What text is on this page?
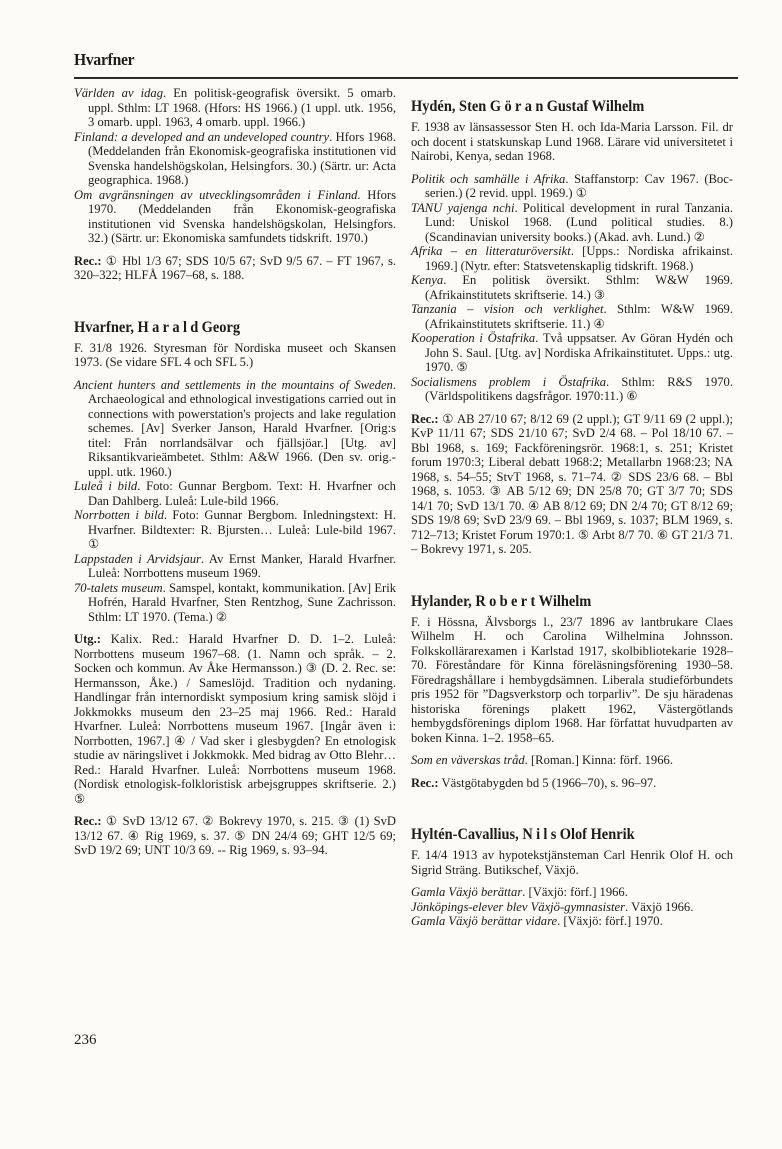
Hvarfner

Världen av idag. En politisk-geografisk översikt. 5 omarb. uppl. Sthlm: LT 1968. (Hfors: HS 1966.) (1 uppl. utk. 1956, 3 omarb. uppl. 1963, 4 omarb. uppl. 1966.)

Finland: a developed and an undeveloped country. Hfors 1968. (Meddelanden från Ekonomisk-geografiska institutionen vid Svenska handelshögskolan, Helsingfors. 30.) (Särtr. ur: Acta geographica. 1968.)

Om avgränsningen av utvecklingsområden i Finland. Hfors 1970. (Meddelanden från Ekonomisk-geografiska institutionen vid Svenska handelshögskolan, Helsingfors. 32.) (Särtr. ur: Ekonomiska samfundets tidskrift. 1970.)

Rec.: ① Hbl 1/3 67; SDS 10/5 67; SvD 9/5 67. – FT 1967, s. 320–322; HLFÅ 1967–68, s. 188.

Hvarfner, HaraldGeorg

F. 31/8 1926. Styresman för Nordiska museet och Skansen 1973. (Se vidare SFL 4 och SFL 5.)

Ancient hunters and settlements in the mountains of Sweden. Archaeological and ethnological investigations carried out in connections with powerstation's projects and lake regulation schemes. [Av] Sverker Janson, Harald Hvarfner. [Orig:s titel: Från norrlandsälvar och fjällsjöar.] [Utg. av] Riksantikvarieämbetet. Sthlm: A&W 1966. (Den sv. orig.-uppl. utk. 1960.)

Luleå i bild. Foto: Gunnar Bergbom. Text: H. Hvarfner och Dan Dahlberg. Luleå: Lule-bild 1966.

Norrbotten i bild. Foto: Gunnar Bergbom. Inledningstext: H. Hvarfner. Bildtexter: R. Bjursten… Luleå: Lule-bild 1967. ①

Lappstaden i Arvidsjaur. Av Ernst Manker, Harald Hvarfner. Luleå: Norrbottens museum 1969.

70-talets museum. Samspel, kontakt, kommunikation. [Av] Erik Hofrén, Harald Hvarfner, Sten Rentzhog, Sune Zachrisson. Sthlm: LT 1970. (Tema.) ②

Utg.: Kalix. Red.: Harald Hvarfner D. D. 1–2. Luleå: Norrbottens museum 1967–68. (1. Namn och språk. – 2. Socken och kommun. Av Åke Hermansson.) ③ (D. 2. Rec. se: Hermansson, Åke.) / Sameslöjd. Tradition och nydaning. Handlingar från internordiskt symposium kring samisk slöjd i Jokkmokks museum den 23–25 maj 1966. Red.: Harald Hvarfner. Luleå: Norrbottens museum 1967. [Ingår även i: Norrbotten, 1967.] ④ / Vad sker i glesbygden? En etnologisk studie av näringslivet i Jokkmokk. Med bidrag av Otto Blehr… Red.: Harald Hvarfner. Luleå: Norrbottens museum 1968. (Nordisk etnologisk-folkloristisk arbejsgruppes skriftserie. 2.) ⑤

Rec.: ① SvD 13/12 67. ② Bokrevy 1970, s. 215. ③ (1) SvD 13/12 67. ④ Rig 1969, s. 37. ⑤ DN 24/4 69; GHT 12/5 69; SvD 19/2 69; UNT 10/3 69. -- Rig 1969, s. 93–94.

Hydén, Sten GöranGustaf Wilhelm

F. 1938 av länsassessor Sten H. och Ida-Maria Larsson. Fil. dr och docent i statskunskap Lund 1968. Lärare vid universitetet i Nairobi, Kenya, sedan 1968.

Politik och samhälle i Afrika. Staffanstorp: Cav 1967. (Boc-serien.) (2 revid. uppl. 1969.) ①

TANU yajenga nchi. Political development in rural Tanzania. Lund: Uniskol 1968. (Lund political studies. 8.) (Scandinavian university books.) (Akad. avh. Lund.) ②

Afrika – en litteraturöversikt. [Upps.: Nordiska afrikainst. 1969.] (Nytr. efter: Statsvetenskaplig tidskrift. 1968.)

Kenya. En politisk översikt. Sthlm: W&W 1969. (Afrikainstitutets skriftserie. 14.) ③

Tanzania – vision och verklighet. Sthlm: W&W 1969. (Afrikainstitutets skriftserie. 11.) ④

Kooperation i Östafrika. Två uppsatser. Av Göran Hydén och John S. Saul. [Utg. av] Nordiska Afrikainstitutet. Upps.: utg. 1970. ⑤

Socialismens problem i Östafrika. Sthlm: R&S 1970. (Världspolitikens dagsfrågor. 1970:11.) ⑥

Rec.: ① AB 27/10 67; 8/12 69 (2 uppl.); GT 9/11 69 (2 uppl.); KvP 11/11 67; SDS 21/10 67; SvD 2/4 68. – Pol 18/10 67. – Bbl 1968, s. 169; Fackföreningsrör. 1968:1, s. 251; Kristet forum 1970:3; Liberal debatt 1968:2; Metallarbn 1968:23; NA 1968, s. 54–55; StvT 1968, s. 71–74. ② SDS 23/6 68. – Bbl 1968, s. 1053. ③ AB 5/12 69; DN 25/8 70; GT 3/7 70; SDS 14/1 70; SvD 13/1 70. ④ AB 8/12 69; DN 2/4 70; GT 8/12 69; SDS 19/8 69; SvD 23/9 69. – Bbl 1969, s. 1037; BLM 1969, s. 712–713; Kristet Forum 1970:1. ⑤ Arbt 8/7 70. ⑥ GT 21/3 71. – Bokrevy 1971, s. 205.

Hylander, RobertWilhelm

F. i Hössna, Älvsborgs l., 23/7 1896 av lantbrukare Claes Wilhelm H. och Carolina Wilhelmina Johnsson. Folkskollärarexamen i Karlstad 1917, skolbibliotekarie 1928–70. Föreståndare för Kinna föreläsningsförening 1930–58. Föredragshållare i hembygdsämnen. Liberala studieförbundets pris 1952 för ”Dagsverkstorp och torparliv”. De sju häradenas historiska förenings plakett 1962, Västergötlands hembygdsförenings diplom 1968. Har författat huvudparten av boken Kinna. 1–2. 1958–65.

Som en väverskas tråd. [Roman.] Kinna: förf. 1966.

Rec.: Västgötabygden bd 5 (1966–70), s. 96–97.

Hyltén-Cavallius, NilsOlof Henrik

F. 14/4 1913 av hypotekstjänsteman Carl Henrik Olof H. och Sigrid Sträng. Butikschef, Växjö.

Gamla Växjö berättar. [Växjö: förf.] 1966.

Jönköpings-elever blev Växjö-gymnasister. Växjö 1966.

Gamla Växjö berättar vidare. [Växjö: förf.] 1970.

236
